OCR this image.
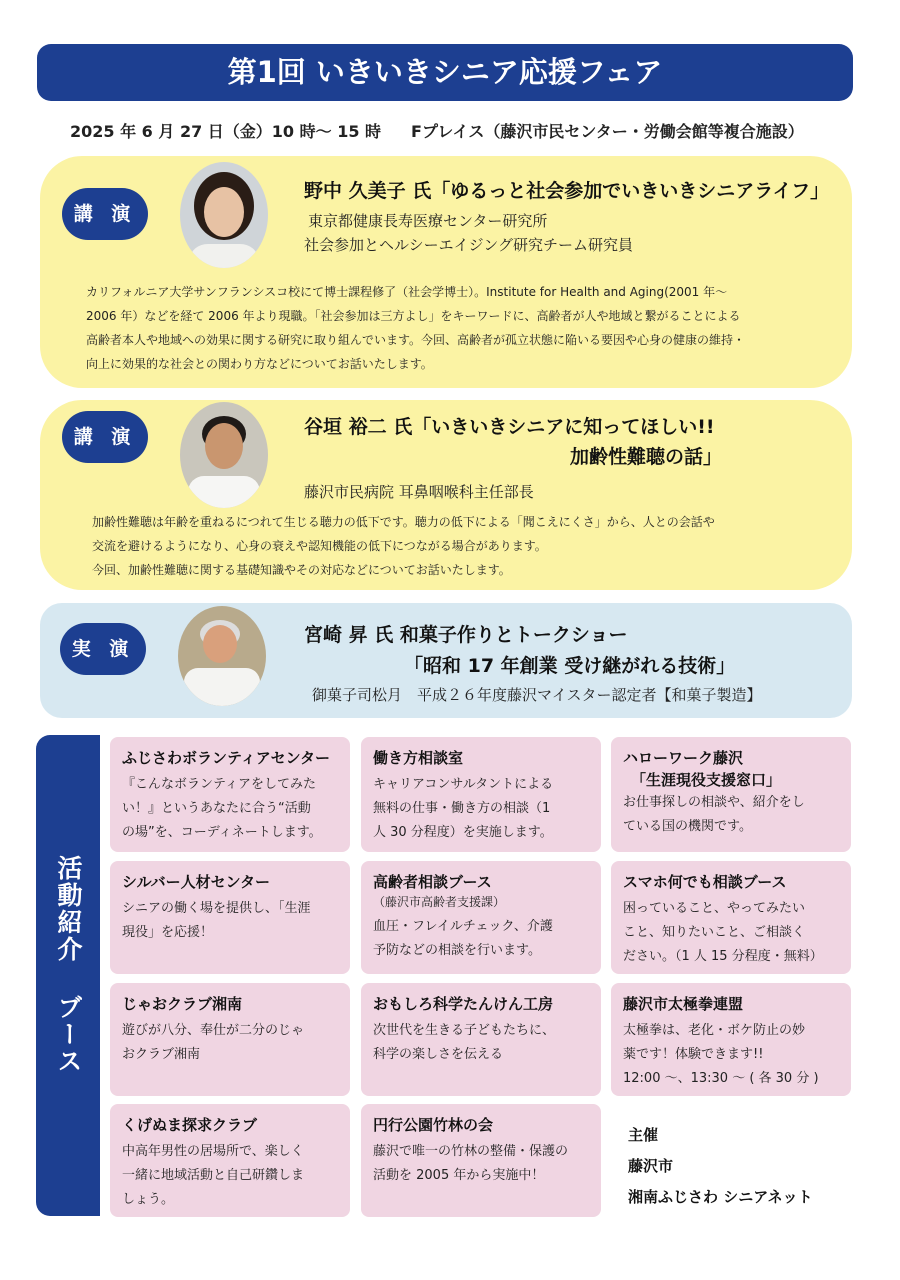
第1回 いきいきシニア応援フェア
2025 年 6 月 27 日（金）10 時～ 15 時 Fプレイス（藤沢市民センター・労働会館等複合施設）
講 演
野中 久美子 氏「ゆるっと社会参加でいきいきシニアライフ」
東京都健康長寿医療センター研究所
社会参加とヘルシーエイジング研究チーム研究員
カリフォルニア大学サンフランシスコ校にて博士課程修了（社会学博士）。Institute for Health and Aging(2001 年～
2006 年）などを経て 2006 年より現職。「社会参加は三方よし」をキーワードに、高齢者が人や地域と繋がることによる
高齢者本人や地域への効果に関する研究に取り組んでいます。今回、高齢者が孤立状態に陥いる要因や心身の健康の維持・
向上に効果的な社会との関わり方などについてお話いたします。
講 演	谷垣 裕二 氏「いきいきシニアに知ってほしい!!
加齢性難聴の話」
藤沢市民病院 耳鼻咽喉科主任部長
加齢性難聴は年齢を重ねるにつれて生じる聴力の低下です。聴力の低下による「聞こえにくさ」から、人との会話や
交流を避けるようになり、心身の衰えや認知機能の低下につながる場合があります。
今回、加齢性難聴に関する基礎知識やその対応などについてお話いたします。
実 演
宮崎 昇 氏 和菓子作りとトークショー
「昭和 17 年創業 受け継がれる技術」
御菓子司松月　平成２６年度藤沢マイスター認定者【和菓子製造】
活動紹介 ブース
ふじさわボランティアセンター
『こんなボランティアをしてみた
い！』というあなたに合う“活動
の場”を、コーディネートします。
シルバー人材センター
シニアの働く場を提供し、「生涯
現役」を応援！
じゃおクラブ湘南
遊びが八分、奉仕が二分のじゃ
おクラブ湘南
くげぬま探求クラブ
中高年男性の居場所で、楽しく
一緒に地域活動と自己研鑽しま
しょう。
働き方相談室
キャリアコンサルタントによる
無料の仕事・働き方の相談（1
人 30 分程度）を実施します。
高齢者相談ブース
（藤沢市高齢者支援課）
血圧・フレイルチェック、介護
予防などの相談を行います。
おもしろ科学たんけん工房
次世代を生きる子どもたちに、
科学の楽しさを伝える
円行公園竹林の会
藤沢で唯一の竹林の整備・保護の
活動を 2005 年から実施中！
ハローワーク藤沢
「生涯現役支援窓口」
お仕事探しの相談や、紹介をし
ている国の機関です。
スマホ何でも相談ブース
困っていること、やってみたい
こと、知りたいこと、ご相談く
ださい。（1 人 15 分程度・無料）
藤沢市太極拳連盟
太極拳は、老化・ボケ防止の妙
薬です！体験できます!!
12:00 ～、13:30 ～ ( 各 30 分 )
主催
藤沢市
湘南ふじさわ シニアネット
